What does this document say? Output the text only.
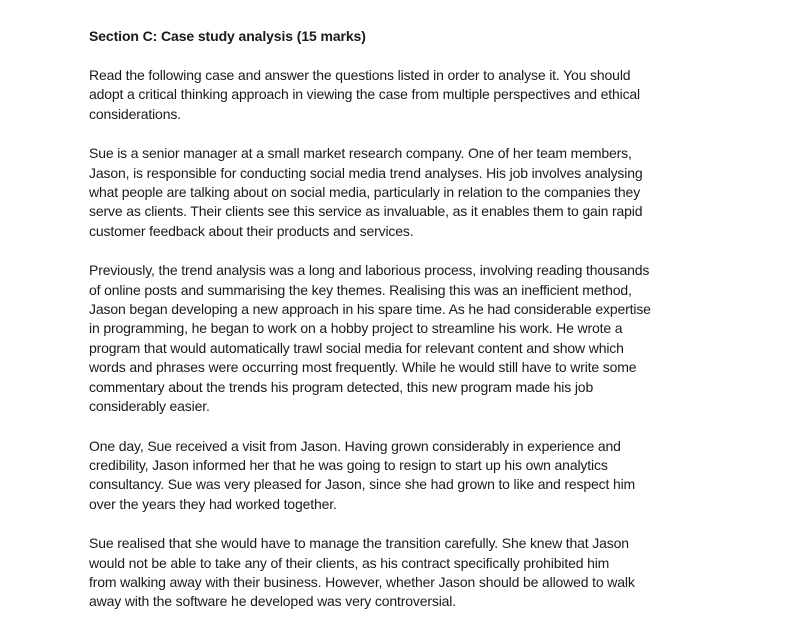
Section C: Case study analysis (15 marks)
Read the following case and answer the questions listed in order to analyse it. You should
adopt a critical thinking approach in viewing the case from multiple perspectives and ethical
considerations.
Sue is a senior manager at a small market research company. One of her team members,
Jason, is responsible for conducting social media trend analyses. His job involves analysing
what people are talking about on social media, particularly in relation to the companies they
serve as clients. Their clients see this service as invaluable, as it enables them to gain rapid
customer feedback about their products and services.
Previously, the trend analysis was a long and laborious process, involving reading thousands
of online posts and summarising the key themes. Realising this was an inefficient method,
Jason began developing a new approach in his spare time. As he had considerable expertise
in programming, he began to work on a hobby project to streamline his work. He wrote a
program that would automatically trawl social media for relevant content and show which
words and phrases were occurring most frequently. While he would still have to write some
commentary about the trends his program detected, this new program made his job
considerably easier.
One day, Sue received a visit from Jason. Having grown considerably in experience and
credibility, Jason informed her that he was going to resign to start up his own analytics
consultancy. Sue was very pleased for Jason, since she had grown to like and respect him
over the years they had worked together.
Sue realised that she would have to manage the transition carefully. She knew that Jason
would not be able to take any of their clients, as his contract specifically prohibited him
from walking away with their business. However, whether Jason should be allowed to walk
away with the software he developed was very controversial.
